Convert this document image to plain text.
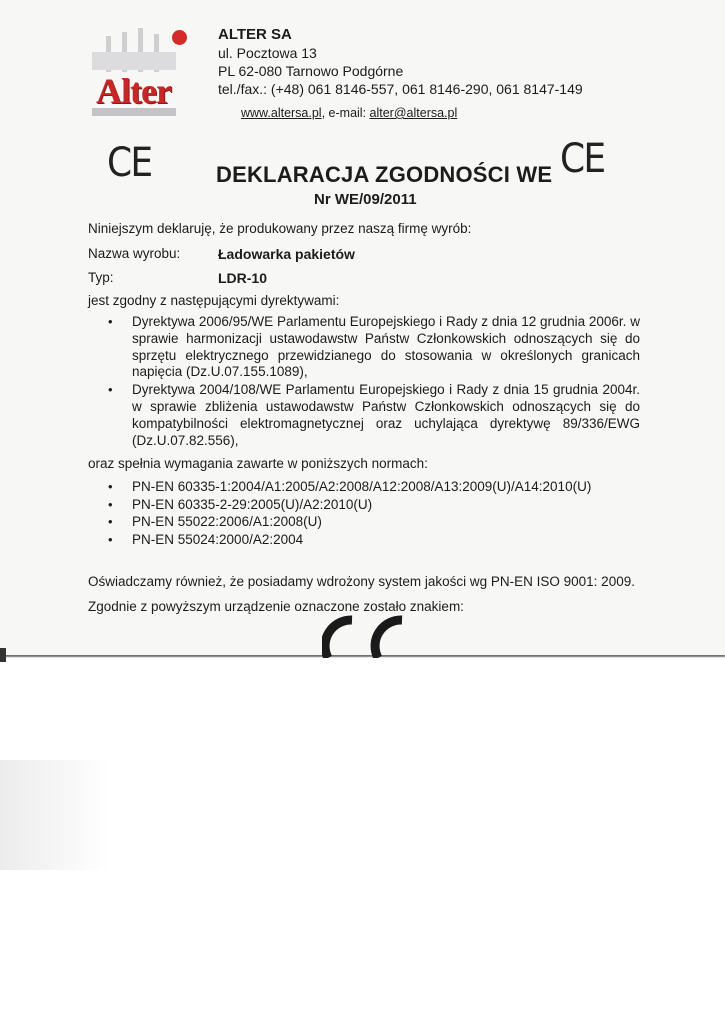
Alter
ALTER SA
ul. Pocztowa 13
PL 62-080 Tarnowo Podgórne
tel./fax.: (+48) 061 8146-557, 061 8146-290, 061 8147-149
www.altersa.pl, e-mail: alter@altersa.pl
CE	CE
DEKLARACJA ZGODNOŚCI WE
Nr WE/09/2011
Niniejszym deklaruję, że produkowany przez naszą firmę wyrób:
Nazwa wyrobu:	Ładowarka pakietów
Typ:	LDR-10
jest zgodny z następującymi dyrektywami:
• Dyrektywa 2006/95/WE Parlamentu Europejskiego i Rady z dnia 12 grudnia 2006r. w sprawie harmonizacji ustawodawstw Państw Członkowskich odnoszących się do sprzętu elektrycznego przewidzianego do stosowania w określonych granicach napięcia (Dz.U.07.155.1089),
• Dyrektywa 2004/108/WE Parlamentu Europejskiego i Rady z dnia 15 grudnia 2004r. w sprawie zbliżenia ustawodawstw Państw Członkowskich odnoszących się do kompatybilności elektromagnetycznej oraz uchylająca dyrektywę 89/336/EWG (Dz.U.07.82.556),
oraz spełnia wymagania zawarte w poniższych normach:
• PN-EN 60335-1:2004/A1:2005/A2:2008/A12:2008/A13:2009(U)/A14:2010(U)
• PN-EN 60335-2-29:2005(U)/A2:2010(U)
• PN-EN 55022:2006/A1:2008(U)
• PN-EN 55024:2000/A2:2004
Oświadczamy również, że posiadamy wdrożony system jakości wg PN-EN ISO 9001: 2009.
Zgodnie z powyższym urządzenie oznaczone zostało znakiem:
